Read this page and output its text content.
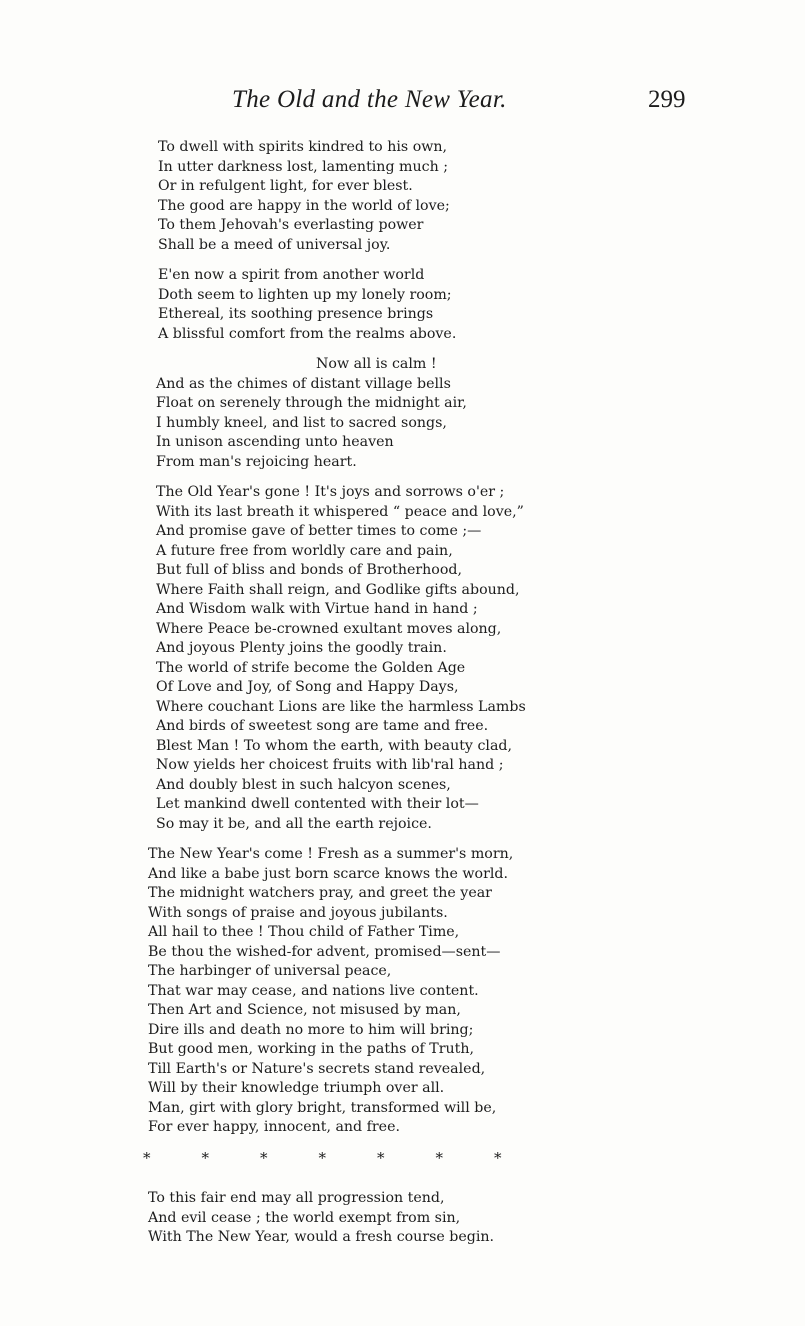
The Old and the New Year.	299
To dwell with spirits kindred to his own,
In utter darkness lost, lamenting much ;
Or in refulgent light, for ever blest.
The good are happy in the world of love;
To them Jehovah's everlasting power
Shall be a meed of universal joy.
E'en now a spirit from another world
Doth seem to lighten up my lonely room;
Ethereal, its soothing presence brings
A blissful comfort from the realms above.
Now all is calm !
And as the chimes of distant village bells
Float on serenely through the midnight air,
I humbly kneel, and list to sacred songs,
In unison ascending unto heaven
From man's rejoicing heart.
The Old Year's gone ! It's joys and sorrows o'er ;
With its last breath it whispered “ peace and love,”
And promise gave of better times to come ;—
A future free from worldly care and pain,
But full of bliss and bonds of Brotherhood,
Where Faith shall reign, and Godlike gifts abound,
And Wisdom walk with Virtue hand in hand ;
Where Peace be-crowned exultant moves along,
And joyous Plenty joins the goodly train.
The world of strife become the Golden Age
Of Love and Joy, of Song and Happy Days,
Where couchant Lions are like the harmless Lambs
And birds of sweetest song are tame and free.
Blest Man ! To whom the earth, with beauty clad,
Now yields her choicest fruits with lib'ral hand ;
And doubly blest in such halcyon scenes,
Let mankind dwell contented with their lot—
So may it be, and all the earth rejoice.
The New Year's come ! Fresh as a summer's morn,
And like a babe just born scarce knows the world.
The midnight watchers pray, and greet the year
With songs of praise and joyous jubilants.
All hail to thee ! Thou child of Father Time,
Be thou the wished-for advent, promised—sent—
The harbinger of universal peace,
That war may cease, and nations live content.
Then Art and Science, not misused by man,
Dire ills and death no more to him will bring;
But good men, working in the paths of Truth,
Till Earth's or Nature's secrets stand revealed,
Will by their knowledge triumph over all.
Man, girt with glory bright, transformed will be,
For ever happy, innocent, and free.
*	*	*	*	*	*	*
To this fair end may all progression tend,
And evil cease ; the world exempt from sin,
With The New Year, would a fresh course begin.
